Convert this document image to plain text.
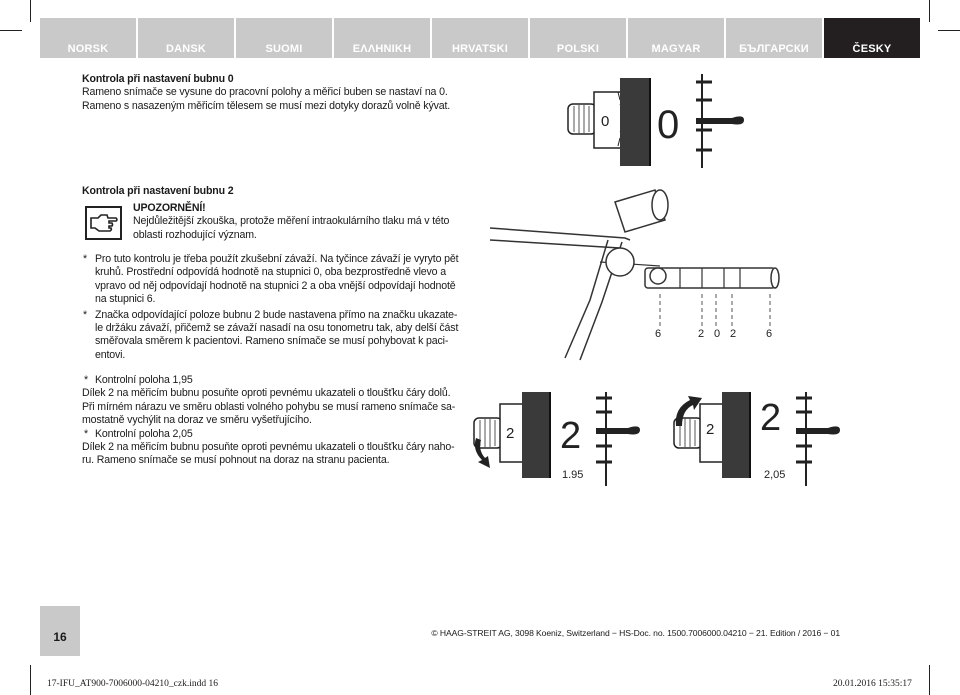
NORSK	DANSK	SUOMI	ΕΛΛΗΝΙΚΗ	HRVATSKI	POLSKI	MAGYAR	БЪЛГАРСКИ	ČESKY

Kontrola při nastavení bubnu 0

Rameno snímače se vysune do pracovní polohy a měřicí buben se nastaví na 0.

Rameno s nasazeným měřicím tělesem se musí mezi dotyky dorazů volně kývat.

0 0

Kontrola při nastavení bubnu 2

UPOZORNĚNÍ!

Nejdůležitější zkouška, protože měření intraokulárního tlaku má v této

oblasti rozhodující význam.

* Pro tuto kontrolu je třeba použít zkušební závaží. Na tyčince závaží je vyryto pět

kruhů. Prostřední odpovídá hodnotě na stupnici 0, oba bezprostředně vlevo a

vpravo od něj odpovídají hodnotě na stupnici 2 a oba vnější odpovídají hodnotě

na stupnici 6.

* Značka odpovídající poloze bubnu 2 bude nastavena přímo na značku ukazate-

le držáku závaží, přičemž se závaží nasadí na osu tonometru tak, aby delší část

směřovala směrem k pacientovi. Rameno snímače se musí pohybovat k paci-

entovi.

6	2 0 2	6

* Kontrolní poloha 1,95

Dílek 2 na měřicím bubnu posuňte oproti pevnému ukazateli o tloušťku čáry dolů.

Při mírném nárazu ve směru oblasti volného pohybu se musí rameno snímače sa-

mostatně vychýlit na doraz ve směru vyšetřujícího.

* Kontrolní poloha 2,05

Dílek 2 na měřicím bubnu posuňte oproti pevnému ukazateli o tloušťku čáry naho-

ru. Rameno snímače se musí pohnout na doraz na stranu pacienta.

2 2
1.95
2 2
2,05
16	© HAAG-STREIT AG, 3098 Koeniz, Switzerland − HS-Doc. no. 1500.7006000.04210 − 21. Edition / 2016 − 01
17-IFU_AT900-7006000-04210_czk.indd 16	20.01.2016 15:35:17
